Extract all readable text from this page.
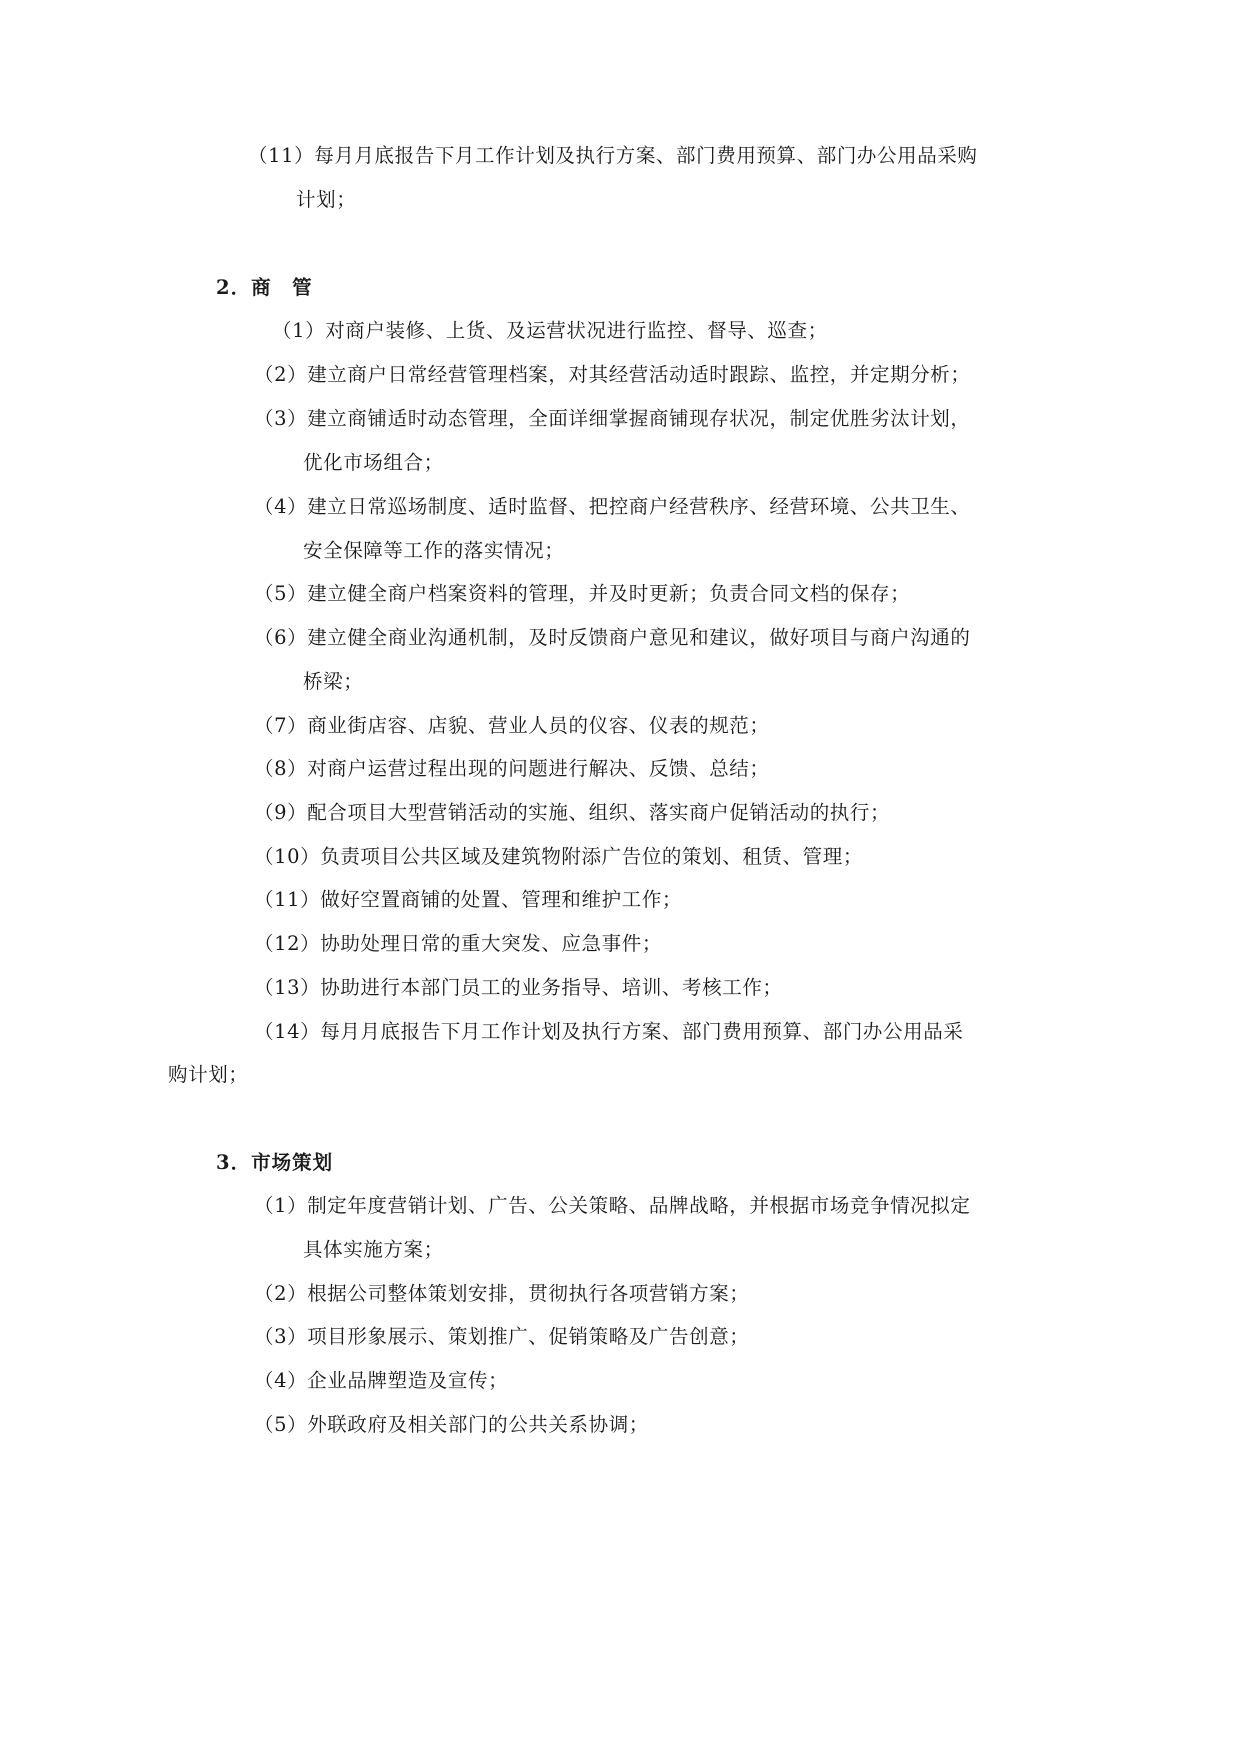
（11）每月月底报告下月工作计划及执行方案、部门费用预算、部门办公用品采购
计划；
2．商　管
（1）对商户装修、上货、及运营状况进行监控、督导、巡查；
（2）建立商户日常经营管理档案，对其经营活动适时跟踪、监控，并定期分析；
（3）建立商铺适时动态管理，全面详细掌握商铺现存状况，制定优胜劣汰计划，
优化市场组合；
（4）建立日常巡场制度、适时监督、把控商户经营秩序、经营环境、公共卫生、
安全保障等工作的落实情况；
（5）建立健全商户档案资料的管理，并及时更新；负责合同文档的保存；
（6）建立健全商业沟通机制，及时反馈商户意见和建议，做好项目与商户沟通的
桥梁；
（7）商业街店容、店貌、营业人员的仪容、仪表的规范；
（8）对商户运营过程出现的问题进行解决、反馈、总结；
（9）配合项目大型营销活动的实施、组织、落实商户促销活动的执行；
（10）负责项目公共区域及建筑物附添广告位的策划、租赁、管理；
（11）做好空置商铺的处置、管理和维护工作；
（12）协助处理日常的重大突发、应急事件；
（13）协助进行本部门员工的业务指导、培训、考核工作；
（14）每月月底报告下月工作计划及执行方案、部门费用预算、部门办公用品采
购计划；
3．市场策划
（1）制定年度营销计划、广告、公关策略、品牌战略，并根据市场竞争情况拟定
具体实施方案；
（2）根据公司整体策划安排，贯彻执行各项营销方案；
（3）项目形象展示、策划推广、促销策略及广告创意；
（4）企业品牌塑造及宣传；
（5）外联政府及相关部门的公共关系协调；
